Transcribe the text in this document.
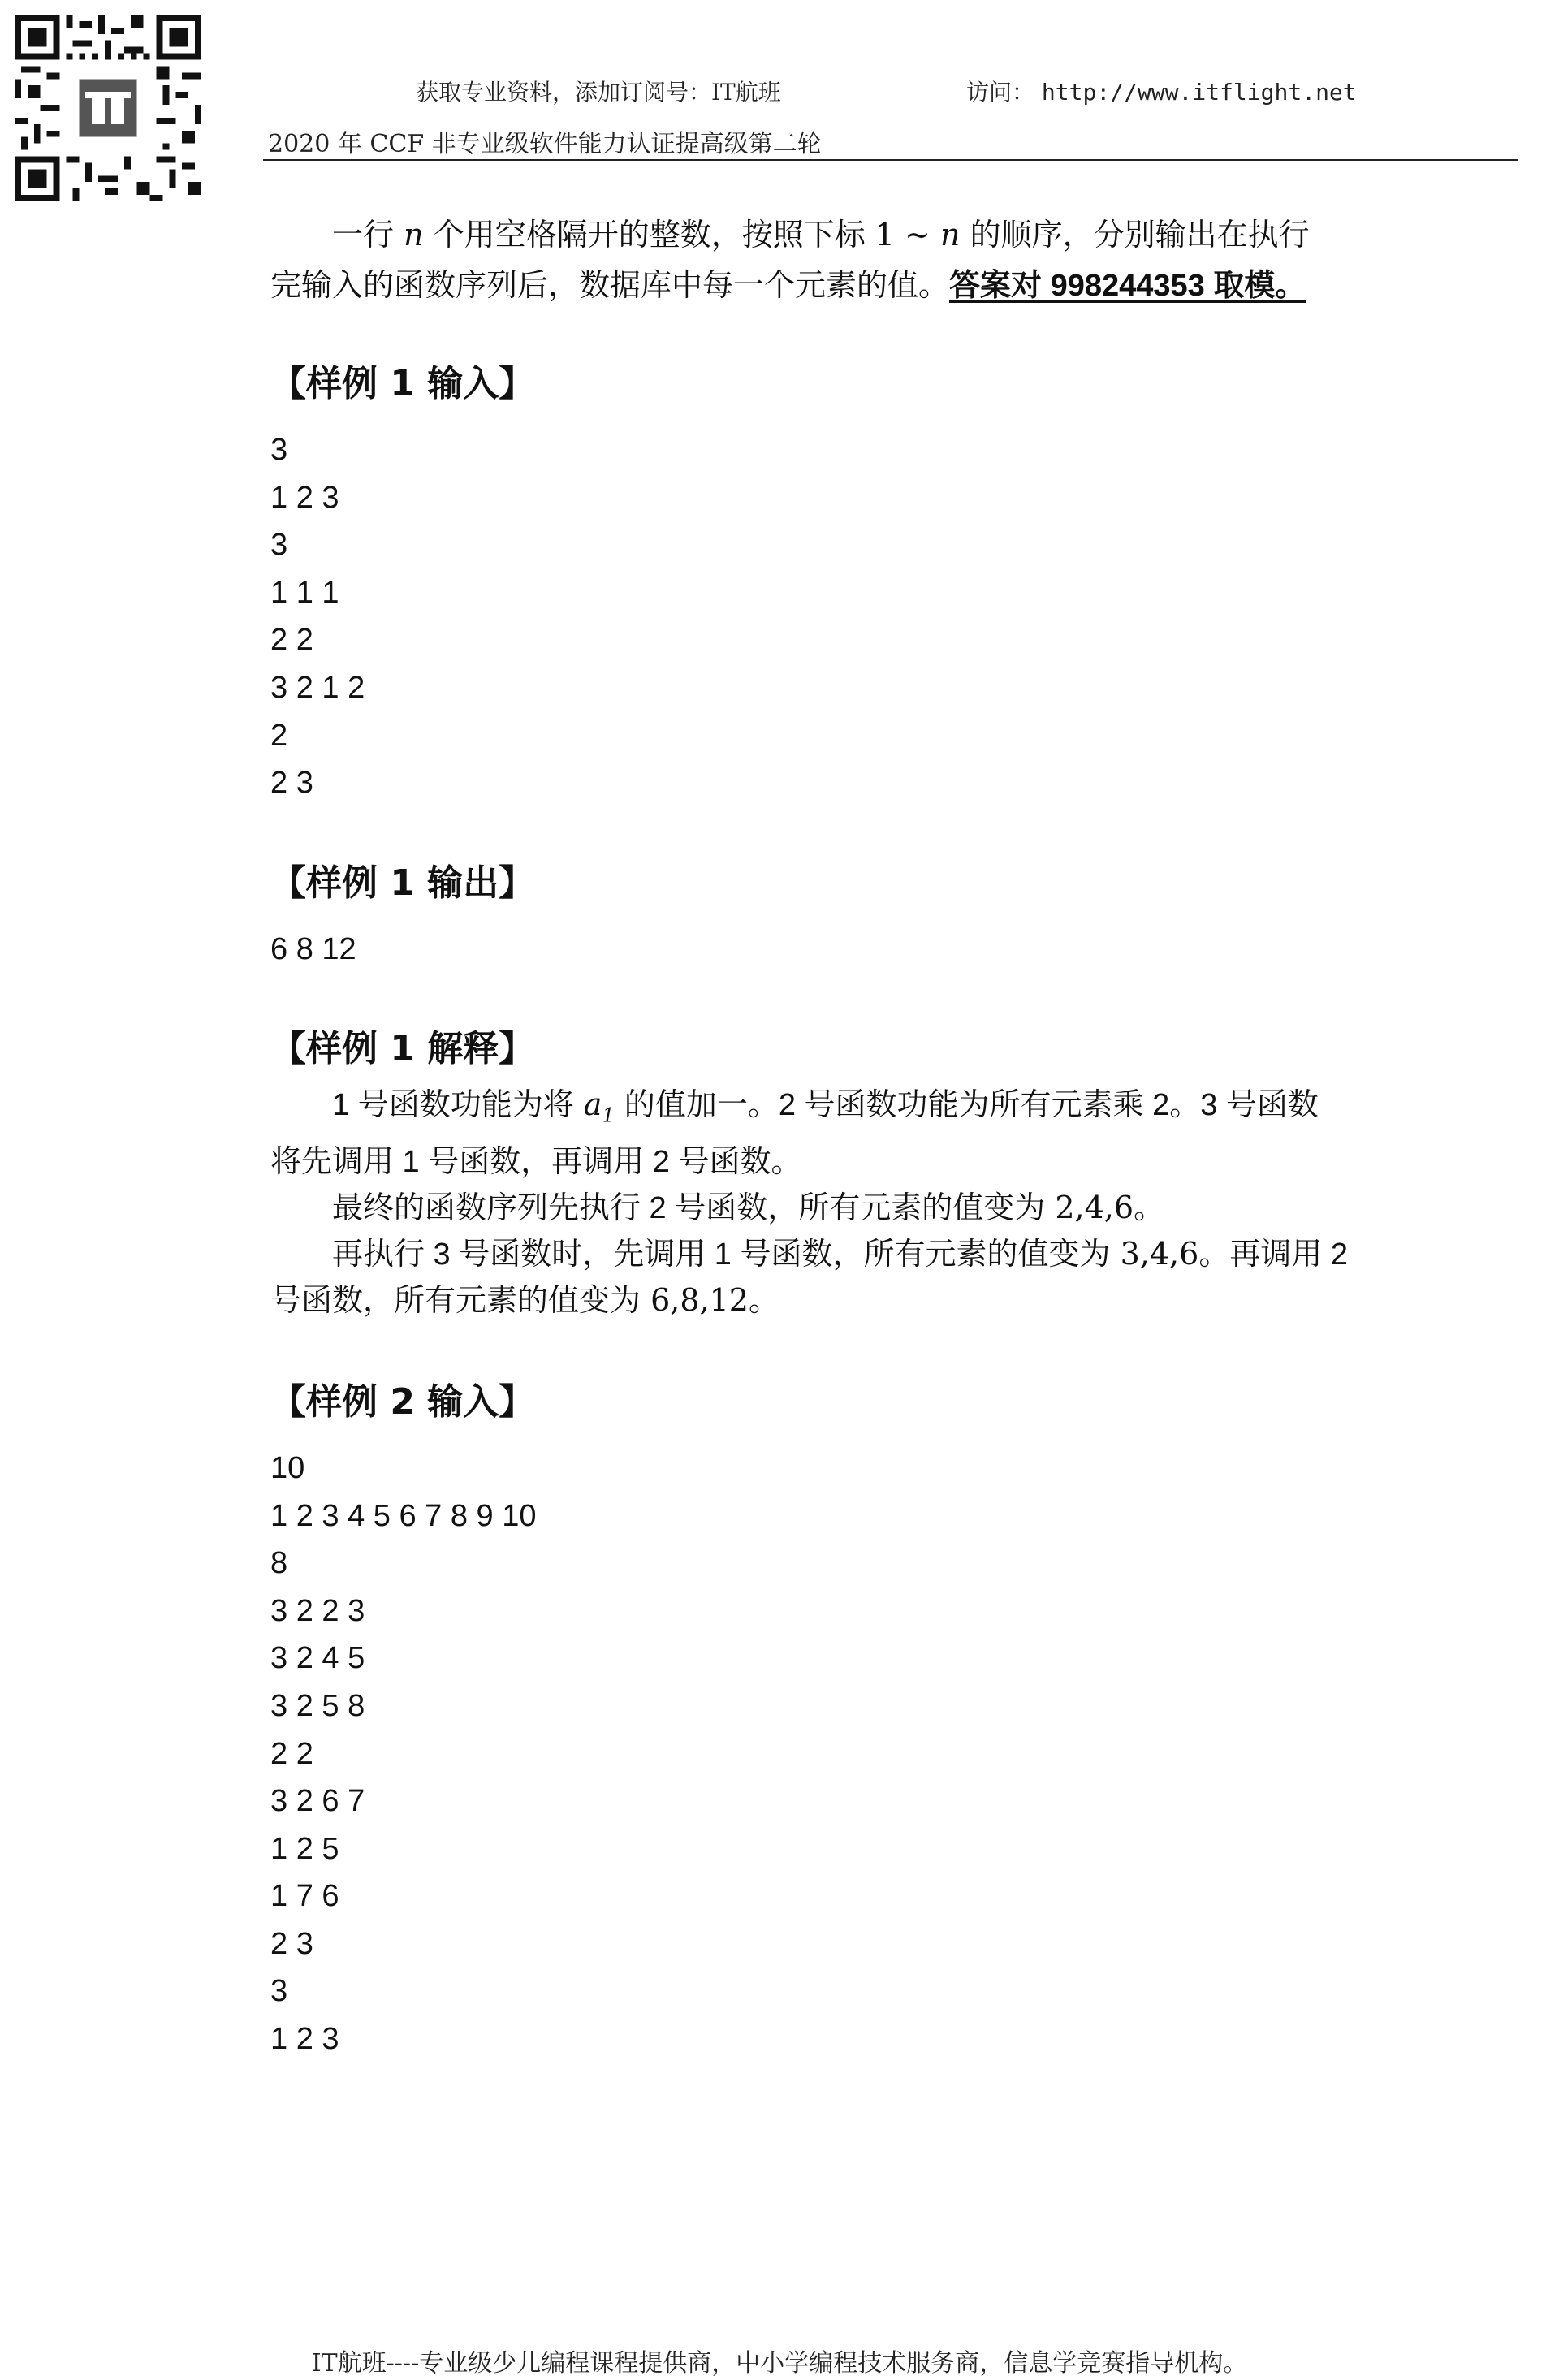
获取专业资料，添加订阅号：IT航班	访问： http://www.itflight.net
2020 年 CCF 非专业级软件能力认证提高级第二轮

一行 n 个用空格隔开的整数，按照下标 1 ∼ n 的顺序，分别输出在执行

完输入的函数序列后，数据库中每一个元素的值。答案对 998244353 取模。

【样例 1 输入】
3
1 2 3
3
1 1 1
2 2
3 2 1 2
2
2 3
【样例 1 输出】
6 8 12
【样例 1 解释】

1 号函数功能为将 $a_1$ 的值加一。2 号函数功能为所有元素乘 2。3 号函数

将先调用 1 号函数，再调用 2 号函数。

最终的函数序列先执行 2 号函数，所有元素的值变为 2,4,6。

再执行 3 号函数时，先调用 1 号函数，所有元素的值变为 3,4,6。再调用 2

号函数，所有元素的值变为 6,8,12。

【样例 2 输入】
10
1 2 3 4 5 6 7 8 9 10
8
3 2 2 3
3 2 4 5
3 2 5 8
2 2
3 2 6 7
1 2 5
1 7 6
2 3
3
1 2 3
IT航班----专业级少儿编程课程提供商，中小学编程技术服务商，信息学竞赛指导机构。
